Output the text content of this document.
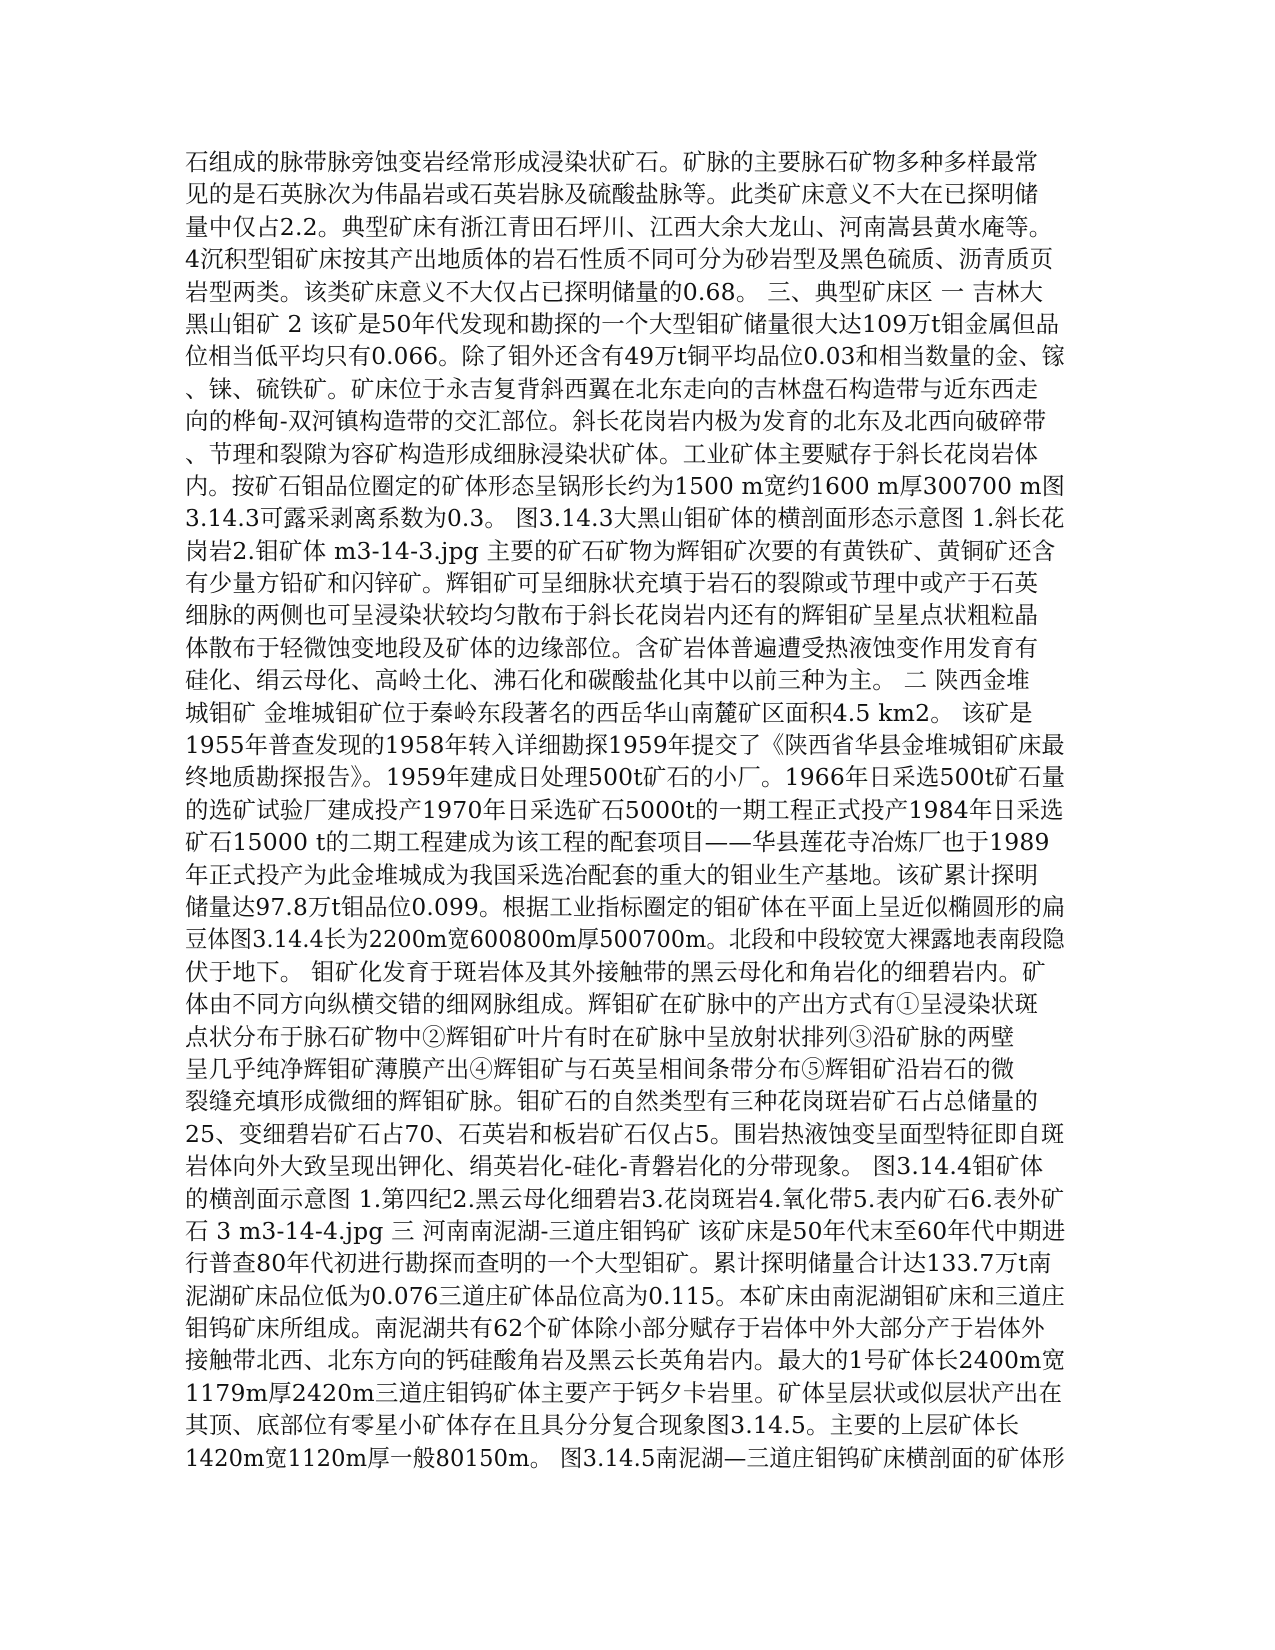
石组成的脉带脉旁蚀变岩经常形成浸染状矿石。矿脉的主要脉石矿物多种多样最常
见的是石英脉次为伟晶岩或石英岩脉及硫酸盐脉等。此类矿床意义不大在已探明储
量中仅占2.2。典型矿床有浙江青田石坪川、江西大余大龙山、河南嵩县黄水庵等。
4沉积型钼矿床按其产出地质体的岩石性质不同可分为砂岩型及黑色硫质、沥青质页
岩型两类。该类矿床意义不大仅占已探明储量的0.68。 三、典型矿床区 一 吉林大
黑山钼矿 2 该矿是50年代发现和勘探的一个大型钼矿储量很大达109万t钼金属但品
位相当低平均只有0.066。除了钼外还含有49万t铜平均品位0.03和相当数量的金、镓
、铼、硫铁矿。矿床位于永吉复背斜西翼在北东走向的吉林盘石构造带与近东西走
向的桦甸-双河镇构造带的交汇部位。斜长花岗岩内极为发育的北东及北西向破碎带
、节理和裂隙为容矿构造形成细脉浸染状矿体。工业矿体主要赋存于斜长花岗岩体
内。按矿石钼品位圈定的矿体形态呈锅形长约为1500 m宽约1600 m厚300700 m图
3.14.3可露采剥离系数为0.3。 图3.14.3大黑山钼矿体的横剖面形态示意图 1.斜长花
岗岩2.钼矿体 m3-14-3.jpg 主要的矿石矿物为辉钼矿次要的有黄铁矿、黄铜矿还含
有少量方铅矿和闪锌矿。辉钼矿可呈细脉状充填于岩石的裂隙或节理中或产于石英
细脉的两侧也可呈浸染状较均匀散布于斜长花岗岩内还有的辉钼矿呈星点状粗粒晶
体散布于轻微蚀变地段及矿体的边缘部位。含矿岩体普遍遭受热液蚀变作用发育有
硅化、绢云母化、高岭土化、沸石化和碳酸盐化其中以前三种为主。 二 陕西金堆
城钼矿 金堆城钼矿位于秦岭东段著名的西岳华山南麓矿区面积4.5 km2。 该矿是
1955年普查发现的1958年转入详细勘探1959年提交了《陕西省华县金堆城钼矿床最
终地质勘探报告》。1959年建成日处理500t矿石的小厂。1966年日采选500t矿石量
的选矿试验厂建成投产1970年日采选矿石5000t的一期工程正式投产1984年日采选
矿石15000 t的二期工程建成为该工程的配套项目——华县莲花寺冶炼厂也于1989
年正式投产为此金堆城成为我国采选冶配套的重大的钼业生产基地。该矿累计探明
储量达97.8万t钼品位0.099。根据工业指标圈定的钼矿体在平面上呈近似椭圆形的扁
豆体图3.14.4长为2200m宽600800m厚500700m。北段和中段较宽大裸露地表南段隐
伏于地下。 钼矿化发育于斑岩体及其外接触带的黑云母化和角岩化的细碧岩内。矿
体由不同方向纵横交错的细网脉组成。辉钼矿在矿脉中的产出方式有①呈浸染状斑
点状分布于脉石矿物中②辉钼矿叶片有时在矿脉中呈放射状排列③沿矿脉的两壁
呈几乎纯净辉钼矿薄膜产出④辉钼矿与石英呈相间条带分布⑤辉钼矿沿岩石的微
裂缝充填形成微细的辉钼矿脉。钼矿石的自然类型有三种花岗斑岩矿石占总储量的
25、变细碧岩矿石占70、石英岩和板岩矿石仅占5。围岩热液蚀变呈面型特征即自斑
岩体向外大致呈现出钾化、绢英岩化-硅化-青磐岩化的分带现象。 图3.14.4钼矿体
的横剖面示意图 1.第四纪2.黑云母化细碧岩3.花岗斑岩4.氧化带5.表内矿石6.表外矿
石 3 m3-14-4.jpg 三 河南南泥湖-三道庄钼钨矿 该矿床是50年代末至60年代中期进
行普查80年代初进行勘探而查明的一个大型钼矿。累计探明储量合计达133.7万t南
泥湖矿床品位低为0.076三道庄矿体品位高为0.115。本矿床由南泥湖钼矿床和三道庄
钼钨矿床所组成。南泥湖共有62个矿体除小部分赋存于岩体中外大部分产于岩体外
接触带北西、北东方向的钙硅酸角岩及黑云长英角岩内。最大的1号矿体长2400m宽
1179m厚2420m三道庄钼钨矿体主要产于钙夕卡岩里。矿体呈层状或似层状产出在
其顶、底部位有零星小矿体存在且具分分复合现象图3.14.5。主要的上层矿体长
1420m宽1120m厚一般80150m。 图3.14.5南泥湖—三道庄钼钨矿床横剖面的矿体形
